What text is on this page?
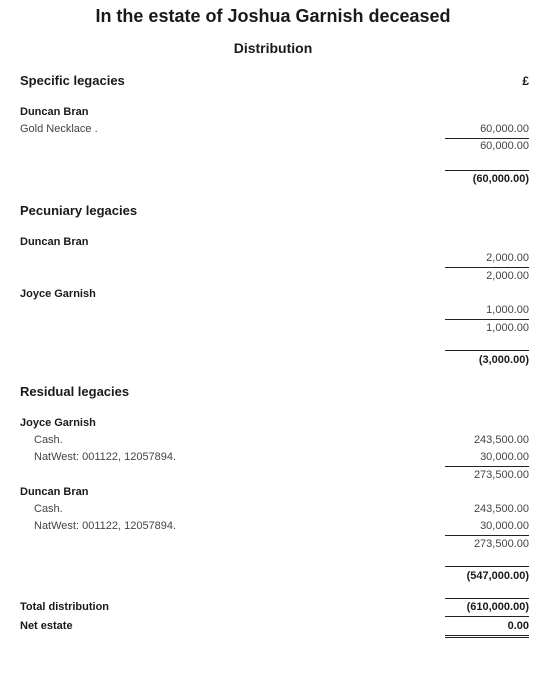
In the estate of Joshua Garnish deceased
Distribution
Specific legacies	£
Duncan Bran
Gold Necklace .	60,000.00
60,000.00
(60,000.00)
Pecuniary legacies
Duncan Bran
2,000.00
2,000.00
Joyce Garnish
1,000.00
1,000.00
(3,000.00)
Residual legacies
Joyce Garnish
Cash.	243,500.00
NatWest: 001122, 12057894.	30,000.00
273,500.00
Duncan Bran
Cash.	243,500.00
NatWest: 001122, 12057894.	30,000.00
273,500.00
(547,000.00)
Total distribution	(610,000.00)
Net estate	0.00
